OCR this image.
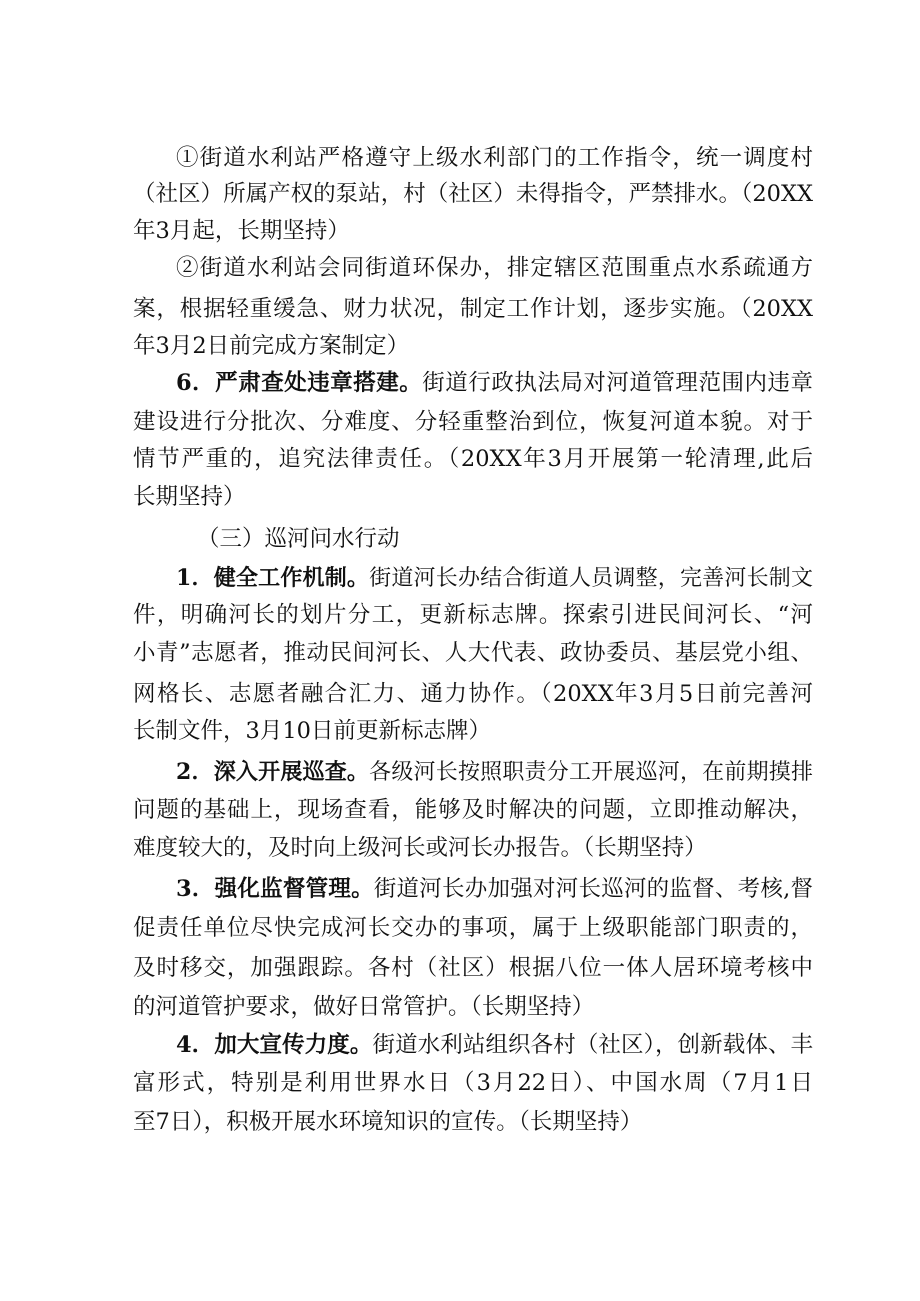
①街道水利站严格遵守上级水利部门的工作指令，统一调度村
（社区）所属产权的泵站，村（社区）未得指令，严禁排水。（20XX
年3月起，长期坚持）
②街道水利站会同街道环保办，排定辖区范围重点水系疏通方
案，根据轻重缓急、财力状况，制定工作计划，逐步实施。（20XX
年3月2日前完成方案制定）
6．严肃查处违章搭建。街道行政执法局对河道管理范围内违章
建设进行分批次、分难度、分轻重整治到位，恢复河道本貌。对于
情节严重的，追究法律责任。（20XX年3月开展第一轮清理,此后
长期坚持）
（三）巡河问水行动
1．健全工作机制。街道河长办结合街道人员调整，完善河长制文
件，明确河长的划片分工，更新标志牌。探索引进民间河长、“河
小青”志愿者，推动民间河长、人大代表、政协委员、基层党小组、
网格长、志愿者融合汇力、通力协作。（20XX年3月5日前完善河
长制文件，3月10日前更新标志牌）
2．深入开展巡查。各级河长按照职责分工开展巡河，在前期摸排
问题的基础上，现场查看，能够及时解决的问题，立即推动解决，
难度较大的，及时向上级河长或河长办报告。（长期坚持）
3．强化监督管理。街道河长办加强对河长巡河的监督、考核,督
促责任单位尽快完成河长交办的事项，属于上级职能部门职责的，
及时移交，加强跟踪。各村（社区）根据八位一体人居环境考核中
的河道管护要求，做好日常管护。（长期坚持）
4．加大宣传力度。街道水利站组织各村（社区），创新载体、丰
富形式，特别是利用世界水日（3月22日）、中国水周（7月1日
至7日），积极开展水环境知识的宣传。（长期坚持）
